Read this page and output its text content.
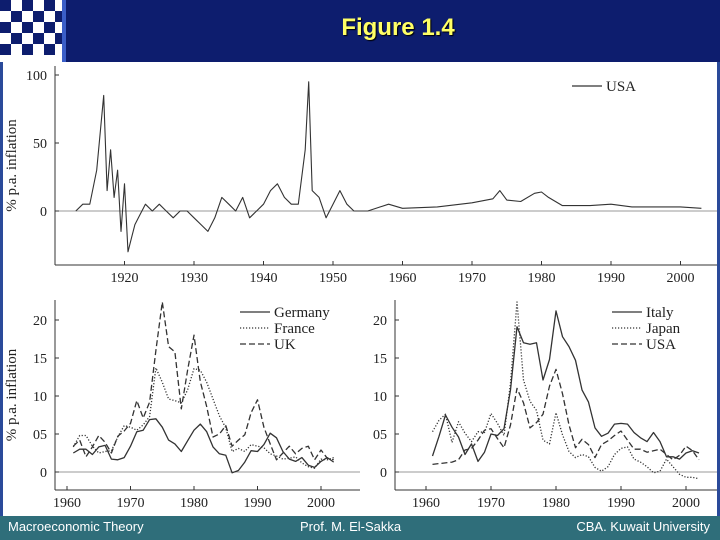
Figure 1.4
0
50
100
1920	1930	1940	1950	1960	1970	1980	1990	2000
% p.a. inflation
USA
0
05
10
15
20
1960	1970	1980	1990	2000
% p.a. inflation
Germany
France
UK
0
05
10
15
20
1960	1970	1980	1990	2000
Italy
Japan
USA
Macroeconomic Theory	Prof. M. El-Sakka	CBA. Kuwait University
